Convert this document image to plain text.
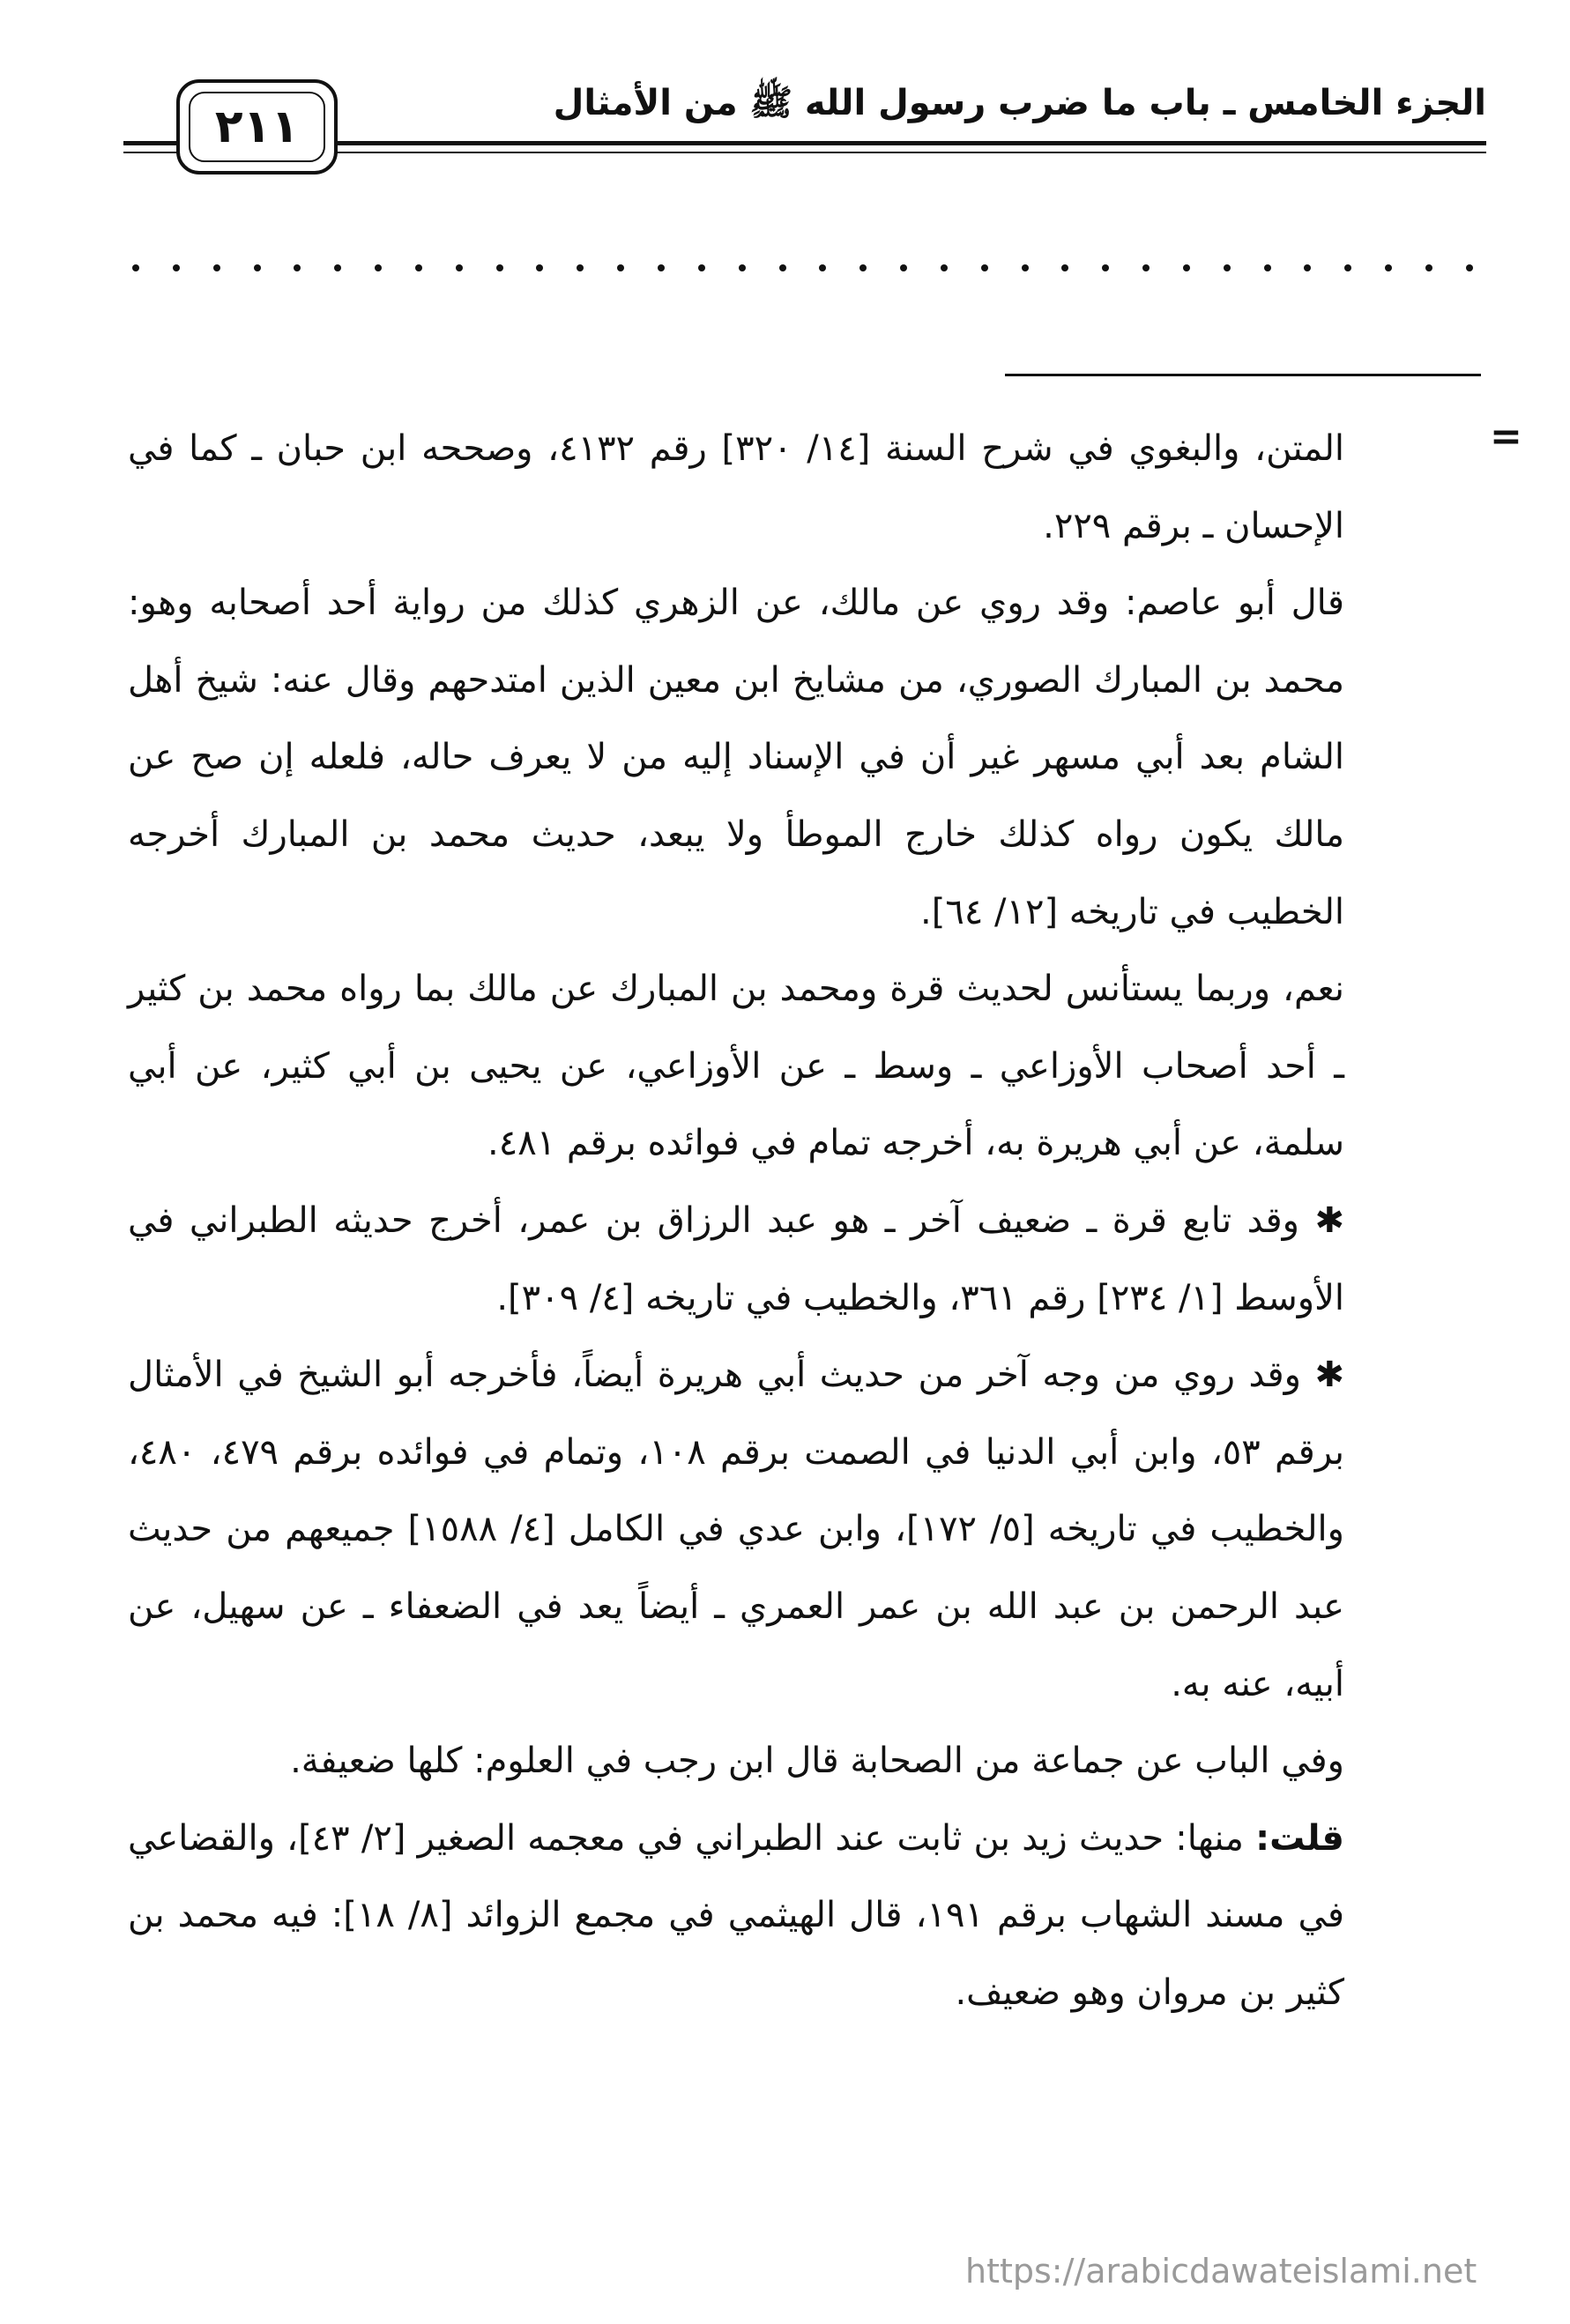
الجزء الخامس ـ باب ما ضرب رسول الله ﷺ من الأمثال
٢١١
=

المتن، والبغوي في شرح السنة [١٤/ ٣٢٠] رقم ٤١٣٢، وصححه ابن حبان ـ كما في الإحسان ـ برقم ٢٢٩.

قال أبو عاصم: وقد روي عن مالك، عن الزهري كذلك من رواية أحد أصحابه وهو: محمد بن المبارك الصوري، من مشايخ ابن معين الذين امتدحهم وقال عنه: شيخ أهل الشام بعد أبي مسهر غير أن في الإسناد إليه من لا يعرف حاله، فلعله إن صح عن مالك يكون رواه كذلك خارج الموطأ ولا يبعد، حديث محمد بن المبارك أخرجه الخطيب في تاريخه [١٢/ ٦٤].

نعم، وربما يستأنس لحديث قرة ومحمد بن المبارك عن مالك بما رواه محمد بن كثير ـ أحد أصحاب الأوزاعي ـ وسط ـ عن الأوزاعي، عن يحيى بن أبي كثير، عن أبي سلمة، عن أبي هريرة به، أخرجه تمام في فوائده برقم ٤٨١.

✱ وقد تابع قرة ـ ضعيف آخر ـ هو عبد الرزاق بن عمر، أخرج حديثه الطبراني في الأوسط [١/ ٢٣٤] رقم ٣٦١، والخطيب في تاريخه [٤/ ٣٠٩].

✱ وقد روي من وجه آخر من حديث أبي هريرة أيضاً، فأخرجه أبو الشيخ في الأمثال برقم ٥٣، وابن أبي الدنيا في الصمت برقم ١٠٨، وتمام في فوائده برقم ٤٧٩، ٤٨٠، والخطيب في تاريخه [٥/ ١٧٢]، وابن عدي في الكامل [٤/ ١٥٨٨] جميعهم من حديث عبد الرحمن بن عبد الله بن عمر العمري ـ أيضاً يعد في الضعفاء ـ عن سهيل، عن أبيه، عنه به.

وفي الباب عن جماعة من الصحابة قال ابن رجب في العلوم: كلها ضعيفة.

قلت: منها: حديث زيد بن ثابت عند الطبراني في معجمه الصغير [٢/ ٤٣]، والقضاعي في مسند الشهاب برقم ١٩١، قال الهيثمي في مجمع الزوائد [٨/ ١٨]: فيه محمد بن كثير بن مروان وهو ضعيف.

https://arabicdawateislami.net
